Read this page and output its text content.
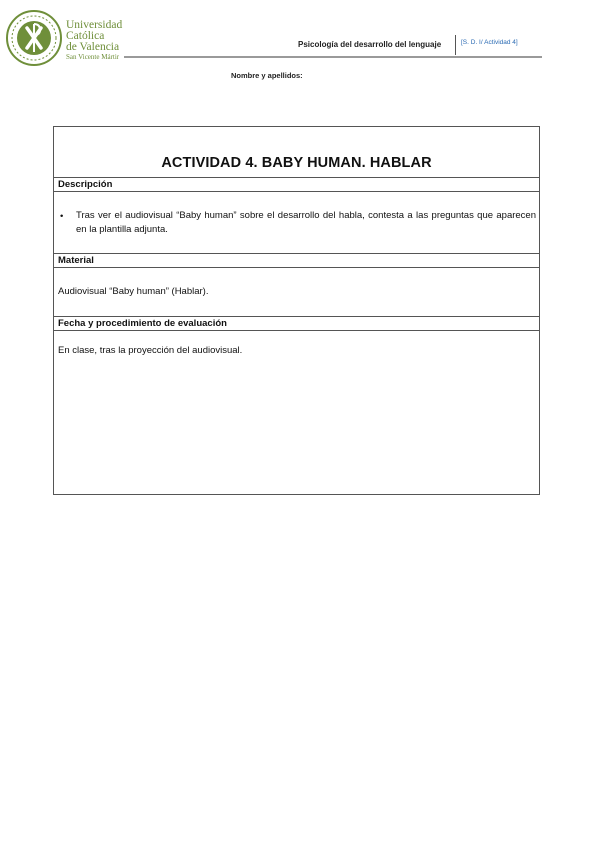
Universidad
Católica
de Valencia
San Vicente Mártir
Psicología del desarrollo del lenguaje	[S. D. I/ Actividad 4]
Nombre y apellidos:
ACTIVIDAD 4. BABY HUMAN. HABLAR
Descripción
• Tras ver el audiovisual “Baby human” sobre el desarrollo del habla, contesta a las preguntas que aparecen en la plantilla adjunta.
Material
Audiovisual “Baby human” (Hablar).
Fecha y procedimiento de evaluación
En clase, tras la proyección del audiovisual.
